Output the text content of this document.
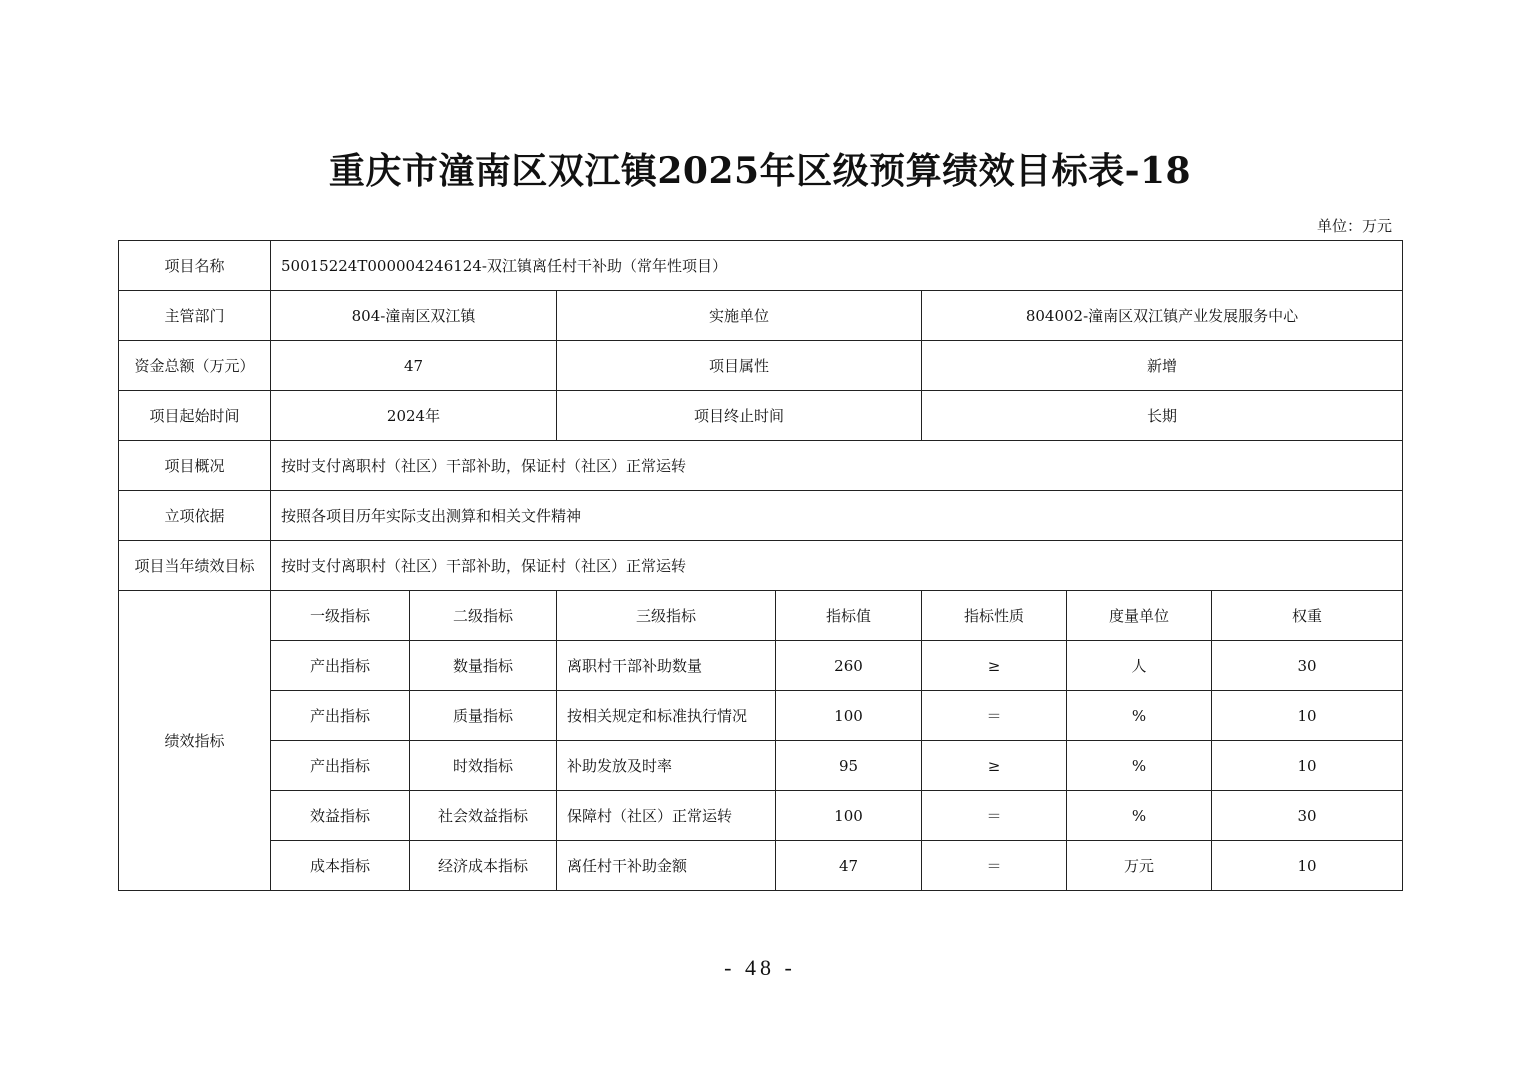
重庆市潼南区双江镇2025年区级预算绩效目标表-18
单位：万元
项目名称	50015224T000004246124-双江镇离任村干补助（常年性项目）						
主管部门	804-潼南区双江镇		实施单位		804002-潼南区双江镇产业发展服务中心		
资金总额（万元）	47		项目属性		新增		
项目起始时间	2024年		项目终止时间		长期		
项目概况	按时支付离职村（社区）干部补助，保证村（社区）正常运转						
立项依据	按照各项目历年实际支出测算和相关文件精神						
项目当年绩效目标	按时支付离职村（社区）干部补助，保证村（社区）正常运转						
绩效指标	一级指标	二级指标	三级指标	指标值	指标性质	度量单位	权重
	产出指标	数量指标	离职村干部补助数量	260	≥	人	30
	产出指标	质量指标	按相关规定和标准执行情况	100	＝	%	10
	产出指标	时效指标	补助发放及时率	95	≥	%	10
	效益指标	社会效益指标	保障村（社区）正常运转	100	＝	%	30
	成本指标	经济成本指标	离任村干补助金额	47	＝	万元	10
- 48 -
